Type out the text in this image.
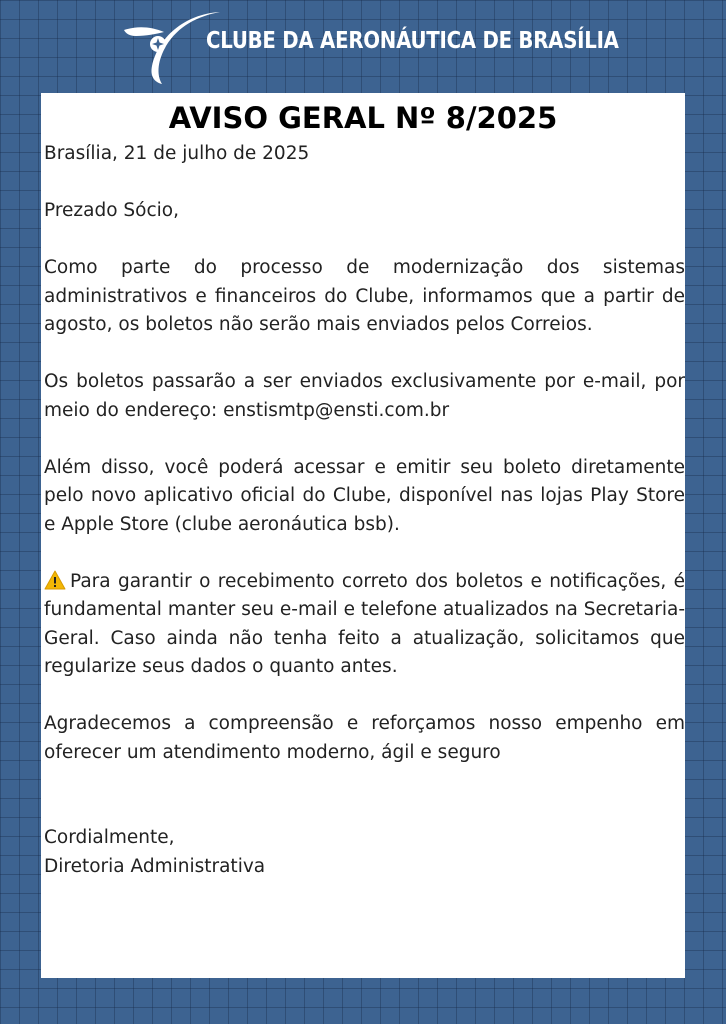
CLUBE DA AERONÁUTICA DE BRASÍLIA
AVISO GERAL Nº 8/2025

Brasília, 21 de julho de 2025

Prezado Sócio,

Como parte do processo de modernização dos sistemas administrativos e financeiros do Clube, informamos que a partir de agosto, os boletos não serão mais enviados pelos Correios.

Os boletos passarão a ser enviados exclusivamente por e-mail, por meio do endereço: enstismtp@ensti.com.br

Além disso, você poderá acessar e emitir seu boleto diretamente pelo novo aplicativo oficial do Clube, disponível nas lojas Play Store e Apple Store (clube aeronáutica bsb).

Para garantir o recebimento correto dos boletos e notificações, é fundamental manter seu e-mail e telefone atualizados na Secretaria-Geral. Caso ainda não tenha feito a atualização, solicitamos que regularize seus dados o quanto antes.

Agradecemos a compreensão e reforçamos nosso empenho em oferecer um atendimento moderno, ágil e seguro

Cordialmente,

Diretoria Administrativa
